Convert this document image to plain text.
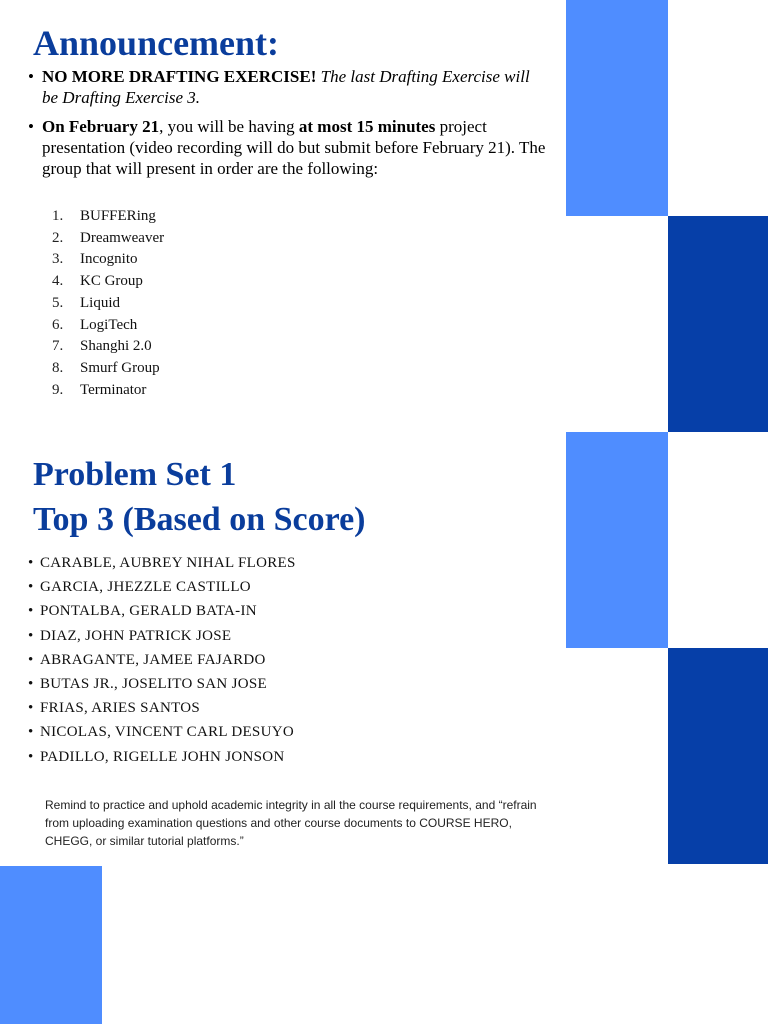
Announcement:
• NO MORE DRAFTING EXERCISE! The last Drafting Exercise will be Drafting Exercise 3.
• On February 21, you will be having at most 15 minutes project presentation (video recording will do but submit before February 21). The group that will present in order are the following:
1.	BUFFERing
2.	Dreamweaver
3.	Incognito
4.	KC Group
5.	Liquid
6.	LogiTech
7.	Shanghi 2.0
8.	Smurf Group
9.	Terminator
Problem Set 1
Top 3 (Based on Score)
• CARABLE, AUBREY NIHAL FLORES
• GARCIA, JHEZZLE CASTILLO
• PONTALBA, GERALD BATA-IN
• DIAZ, JOHN PATRICK JOSE
• ABRAGANTE, JAMEE FAJARDO
• BUTAS JR., JOSELITO SAN JOSE
• FRIAS, ARIES SANTOS
• NICOLAS, VINCENT CARL DESUYO
• PADILLO, RIGELLE JOHN JONSON

Remind to practice and uphold academic integrity in all the course requirements, and “refrain from uploading examination questions and other course documents to COURSE HERO, CHEGG, or similar tutorial platforms.”
